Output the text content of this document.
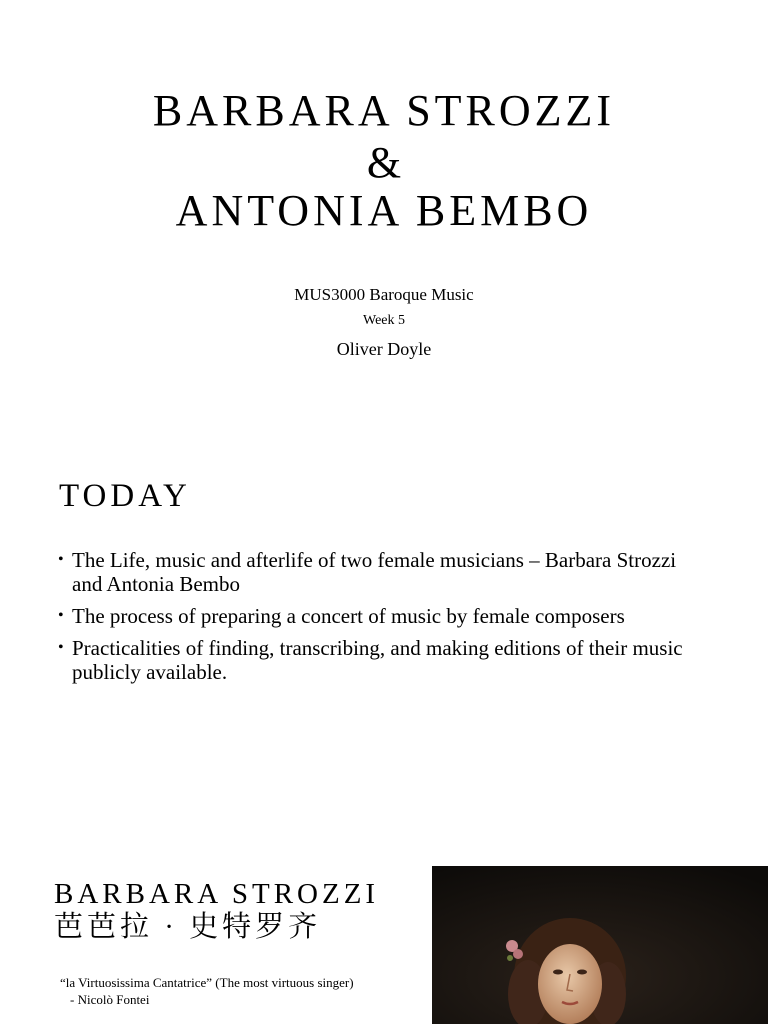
BARBARA STROZZI
&
ANTONIA BEMBO
MUS3000 Baroque Music
Week 5
Oliver Doyle
TODAY
• The Life, music and afterlife of two female musicians – Barbara Strozzi and Antonia Bembo
• The process of preparing a concert of music by female composers
• Practicalities of finding, transcribing, and making editions of their music publicly available.
BARBARA STROZZI 芭芭拉 · 史特罗齐
“la Virtuosissima Cantatrice” (The most virtuous singer)
- Nicolò Fontei
